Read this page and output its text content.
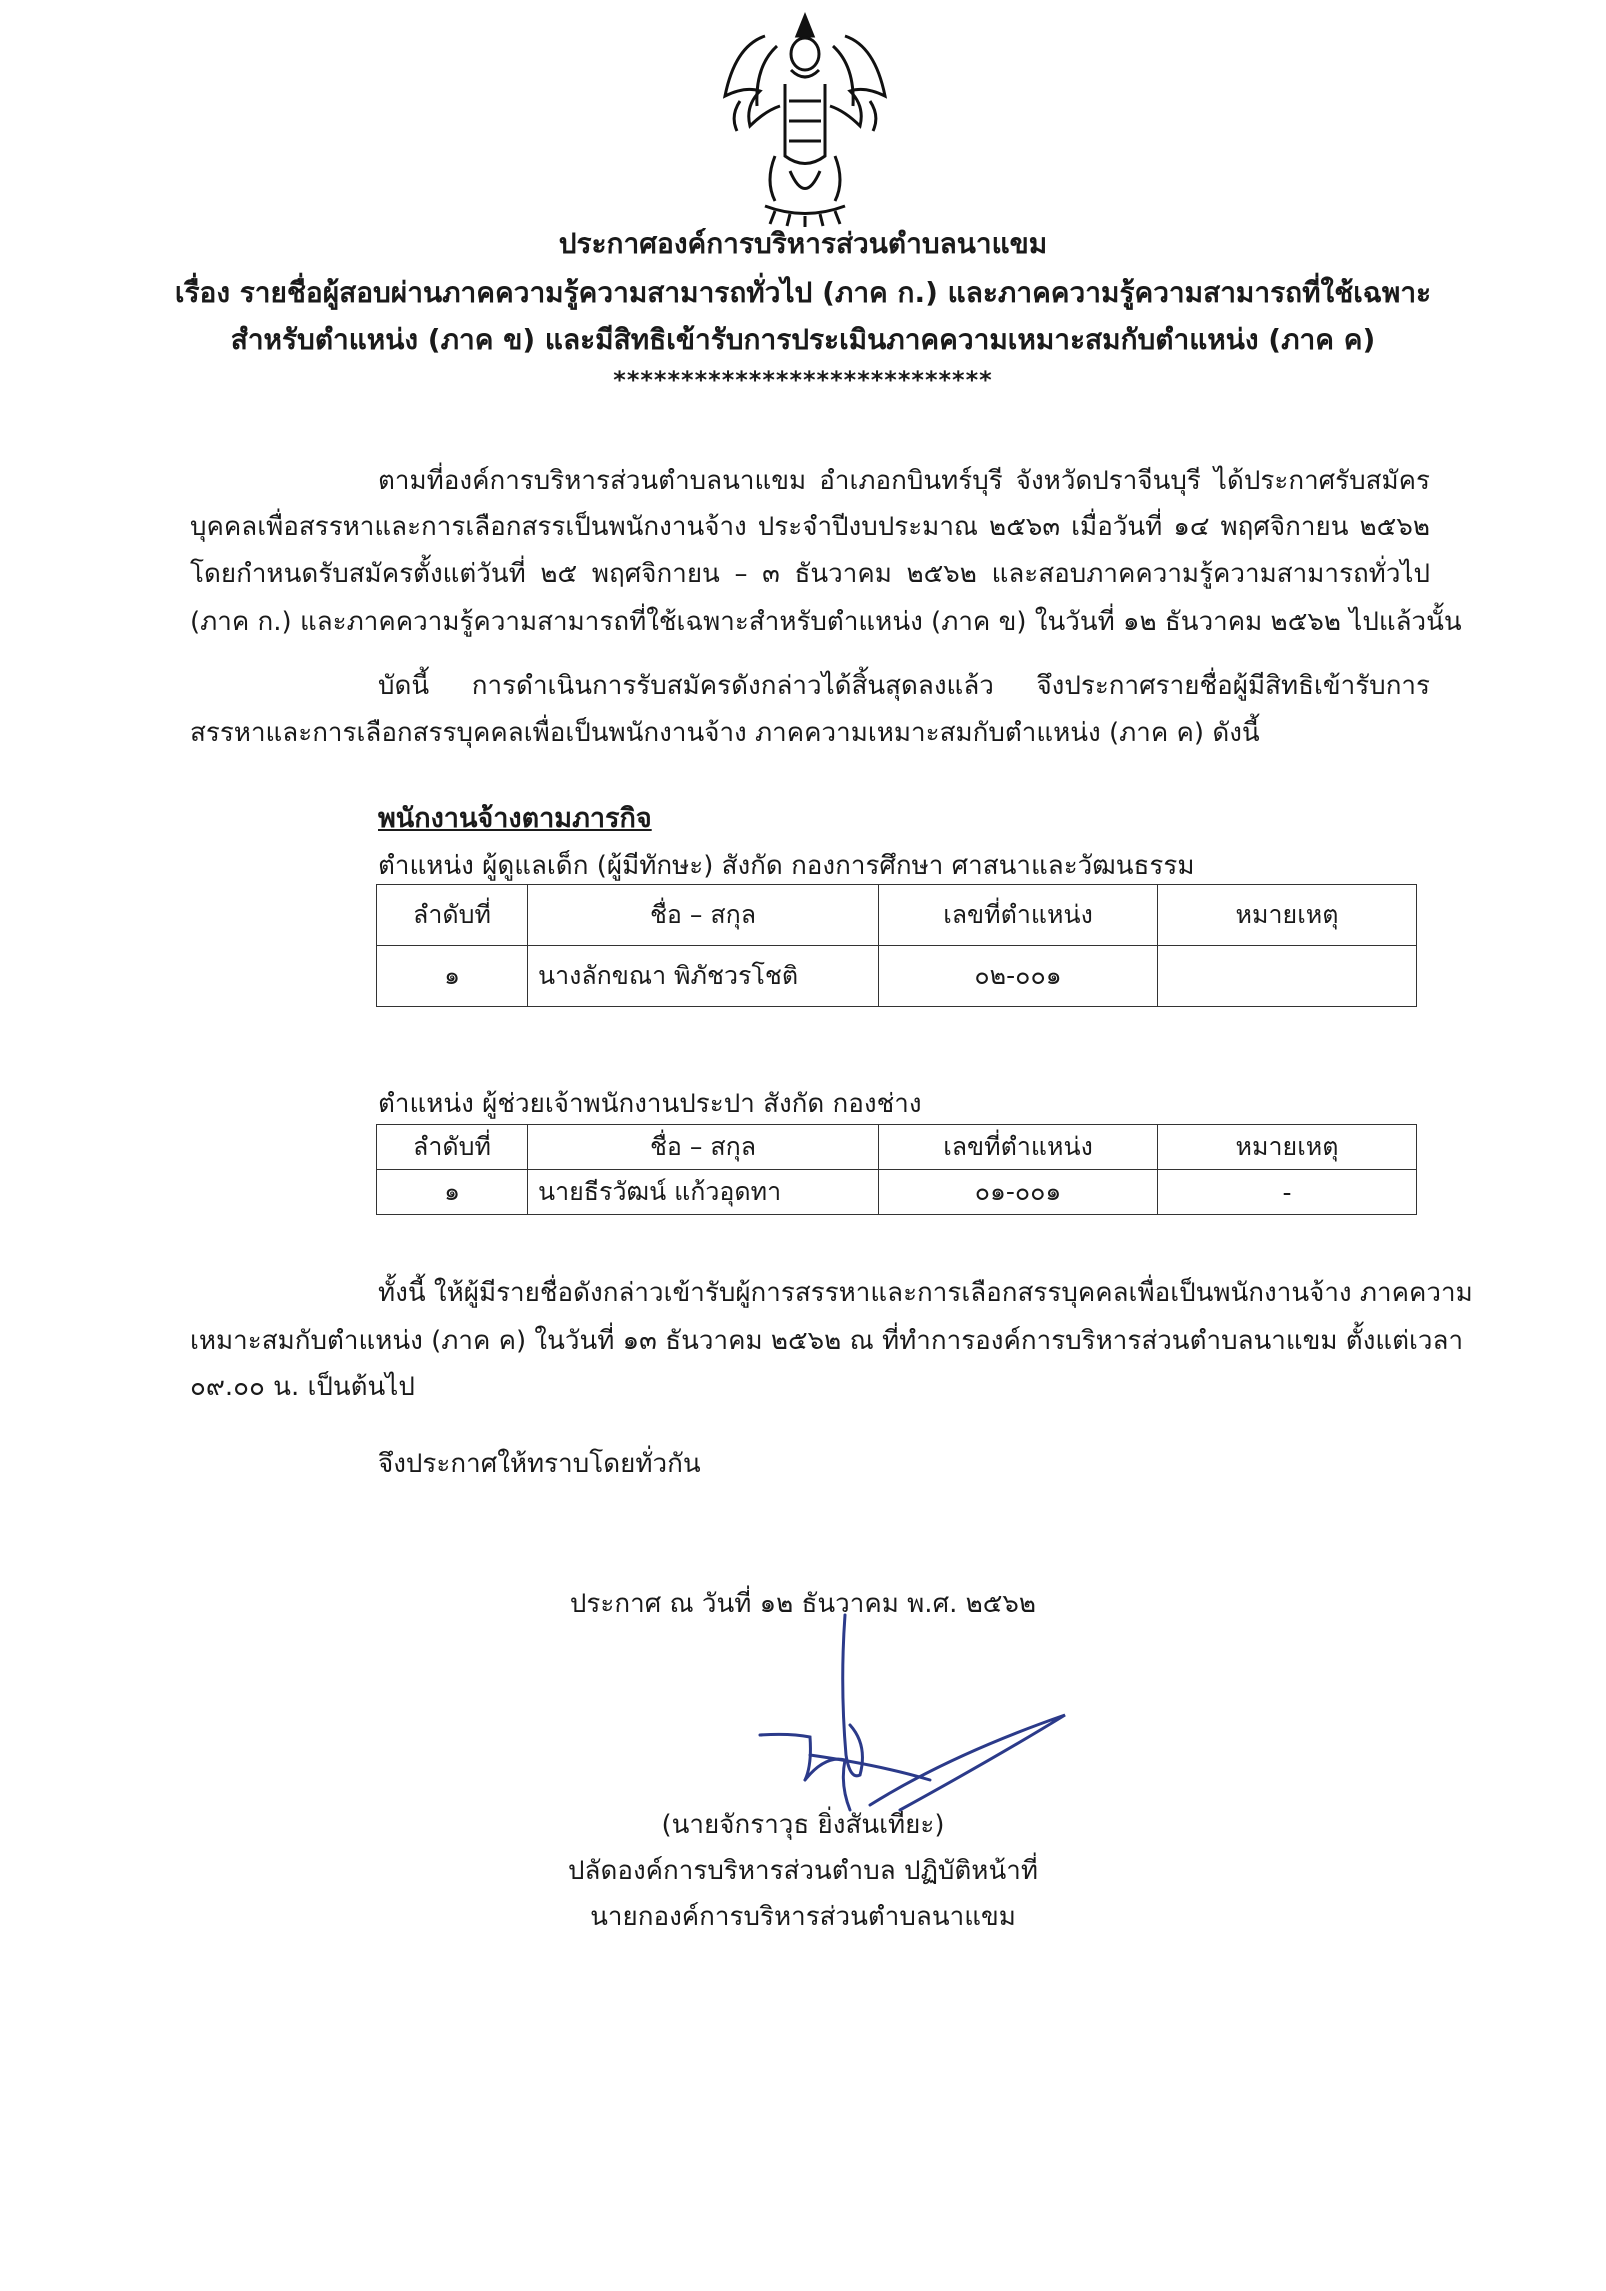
ประกาศองค์การบริหารส่วนตำบลนาแขม
เรื่อง รายชื่อผู้สอบผ่านภาคความรู้ความสามารถทั่วไป (ภาค ก.) และภาคความรู้ความสามารถที่ใช้เฉพาะ
สำหรับตำแหน่ง (ภาค ข) และมีสิทธิเข้ารับการประเมินภาคความเหมาะสมกับตำแหน่ง (ภาค ค)
****************************
ตามที่องค์การบริหารส่วนตำบลนาแขม อำเภอกบินทร์บุรี จังหวัดปราจีนบุรี ได้ประกาศรับสมัคร
บุคคลเพื่อสรรหาและการเลือกสรรเป็นพนักงานจ้าง ประจำปีงบประมาณ ๒๕๖๓ เมื่อวันที่ ๑๔ พฤศจิกายน ๒๕๖๒
โดยกำหนดรับสมัครตั้งแต่วันที่ ๒๕ พฤศจิกายน – ๓ ธันวาคม ๒๕๖๒ และสอบภาคความรู้ความสามารถทั่วไป
(ภาค ก.) และภาคความรู้ความสามารถที่ใช้เฉพาะสำหรับตำแหน่ง (ภาค ข) ในวันที่ ๑๒ ธันวาคม ๒๕๖๒ ไปแล้วนั้น
บัดนี้ การดำเนินการรับสมัครดังกล่าวได้สิ้นสุดลงแล้ว จึงประกาศรายชื่อผู้มีสิทธิเข้ารับการ
สรรหาและการเลือกสรรบุคคลเพื่อเป็นพนักงานจ้าง ภาคความเหมาะสมกับตำแหน่ง (ภาค ค) ดังนี้
พนักงานจ้างตามภารกิจ
ตำแหน่ง ผู้ดูแลเด็ก (ผู้มีทักษะ) สังกัด กองการศึกษา ศาสนาและวัฒนธรรม
ลำดับที่	ชื่อ – สกุล	เลขที่ตำแหน่ง	หมายเหตุ
๑	นางลักขณา พิภัชวรโชติ	๐๒-๐๐๑	
ตำแหน่ง ผู้ช่วยเจ้าพนักงานประปา สังกัด กองช่าง
ลำดับที่	ชื่อ – สกุล	เลขที่ตำแหน่ง	หมายเหตุ
๑	นายธีรวัฒน์ แก้วอุดทา	๐๑-๐๐๑	-
ทั้งนี้ ให้ผู้มีรายชื่อดังกล่าวเข้ารับผู้การสรรหาและการเลือกสรรบุคคลเพื่อเป็นพนักงานจ้าง ภาคความ
เหมาะสมกับตำแหน่ง (ภาค ค) ในวันที่ ๑๓ ธันวาคม ๒๕๖๒ ณ ที่ทำการองค์การบริหารส่วนตำบลนาแขม ตั้งแต่เวลา
๐๙.๐๐ น. เป็นต้นไป
จึงประกาศให้ทราบโดยทั่วกัน
ประกาศ ณ วันที่ ๑๒ ธันวาคม พ.ศ. ๒๕๖๒
(นายจักราวุธ ยิ่งสันเทียะ)
ปลัดองค์การบริหารส่วนตำบล ปฏิบัติหน้าที่
นายกองค์การบริหารส่วนตำบลนาแขม
